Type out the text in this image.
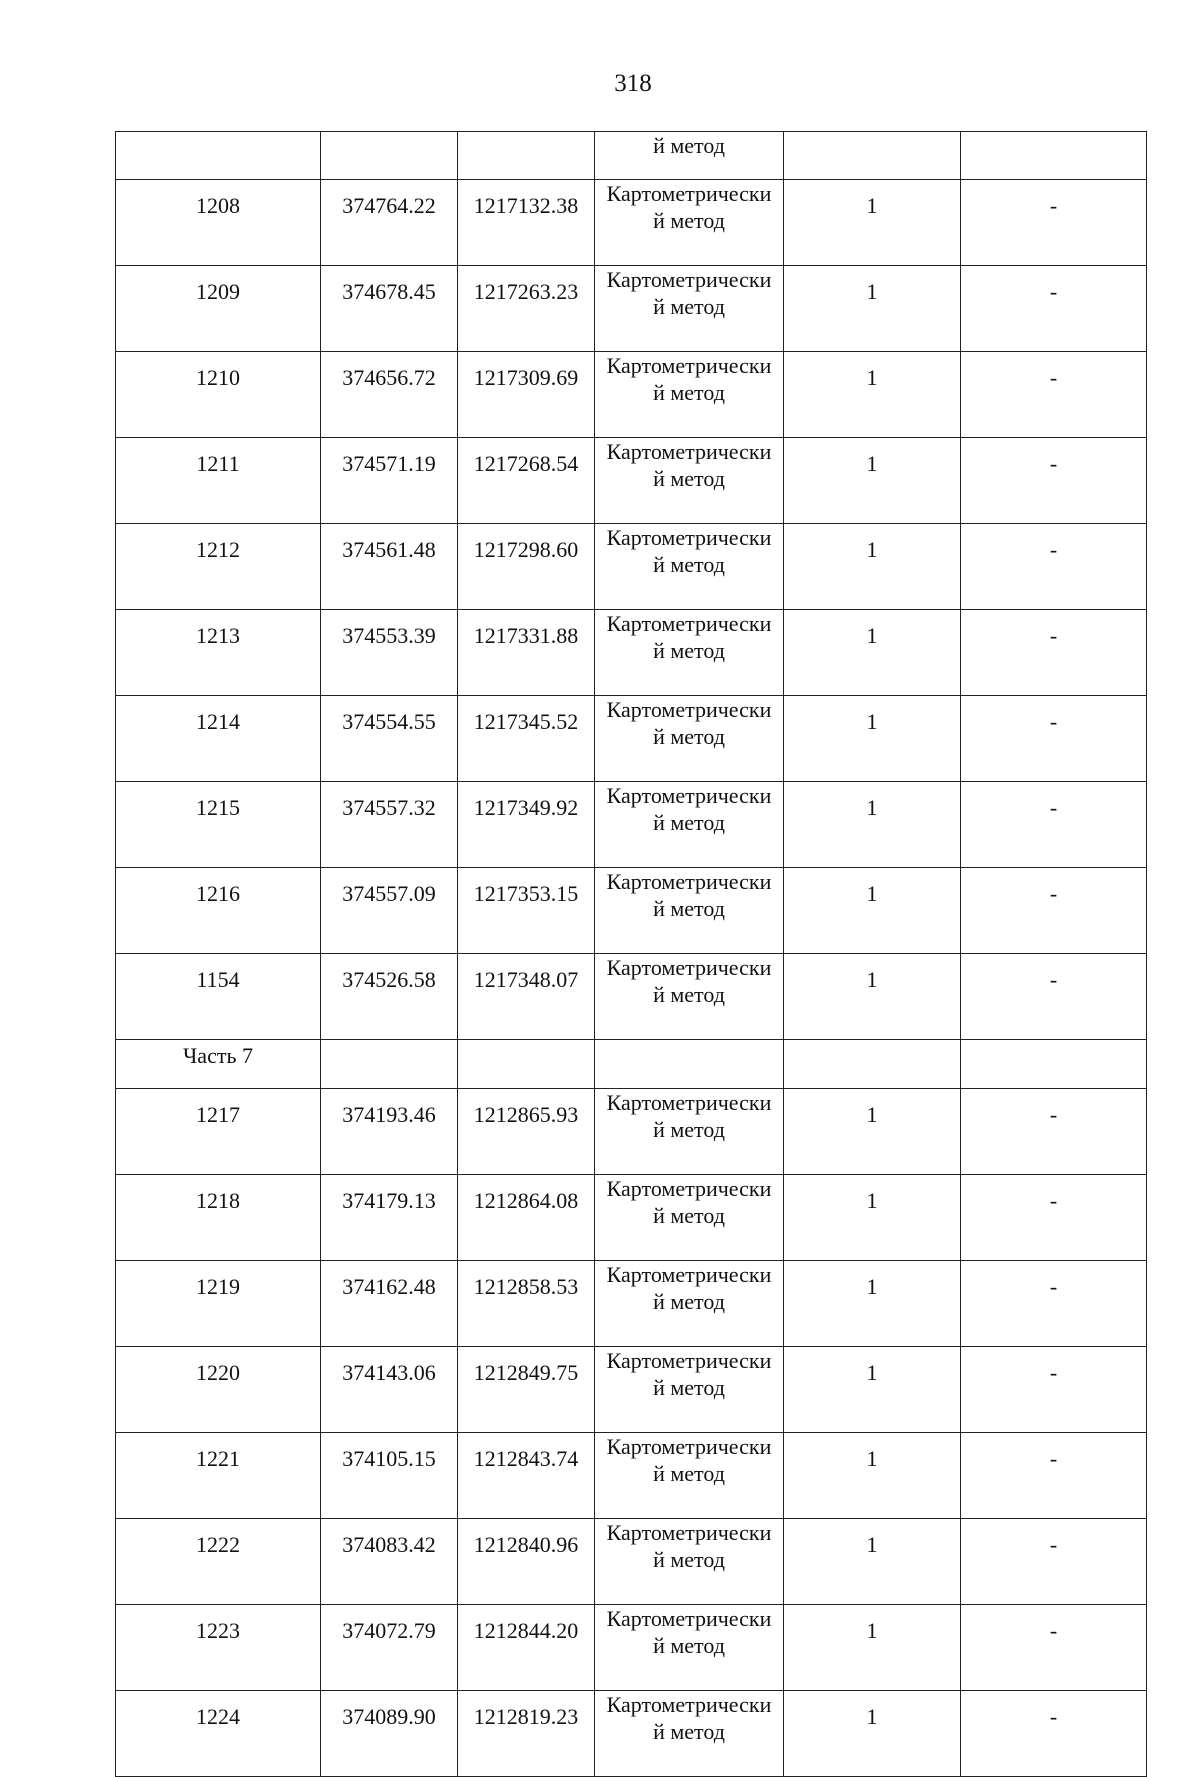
318

			й метод		

1208	374764.22	1217132.38	Картометрически
й метод	1	-
1209	374678.45	1217263.23	Картометрически
й метод	1	-
1210	374656.72	1217309.69	Картометрически
й метод	1	-
1211	374571.19	1217268.54	Картометрически
й метод	1	-
1212	374561.48	1217298.60	Картометрически
й метод	1	-
1213	374553.39	1217331.88	Картометрически
й метод	1	-
1214	374554.55	1217345.52	Картометрически
й метод	1	-
1215	374557.32	1217349.92	Картометрически
й метод	1	-
1216	374557.09	1217353.15	Картометрически
й метод	1	-
1154	374526.58	1217348.07	Картометрически
й метод	1	-
Часть 7					
1217	374193.46	1212865.93	Картометрически
й метод	1	-
1218	374179.13	1212864.08	Картометрически
й метод	1	-
1219	374162.48	1212858.53	Картометрически
й метод	1	-
1220	374143.06	1212849.75	Картометрически
й метод	1	-
1221	374105.15	1212843.74	Картометрически
й метод	1	-
1222	374083.42	1212840.96	Картометрически
й метод	1	-
1223	374072.79	1212844.20	Картометрически
й метод	1	-
1224	374089.90	1212819.23	Картометрически
й метод	1	-
